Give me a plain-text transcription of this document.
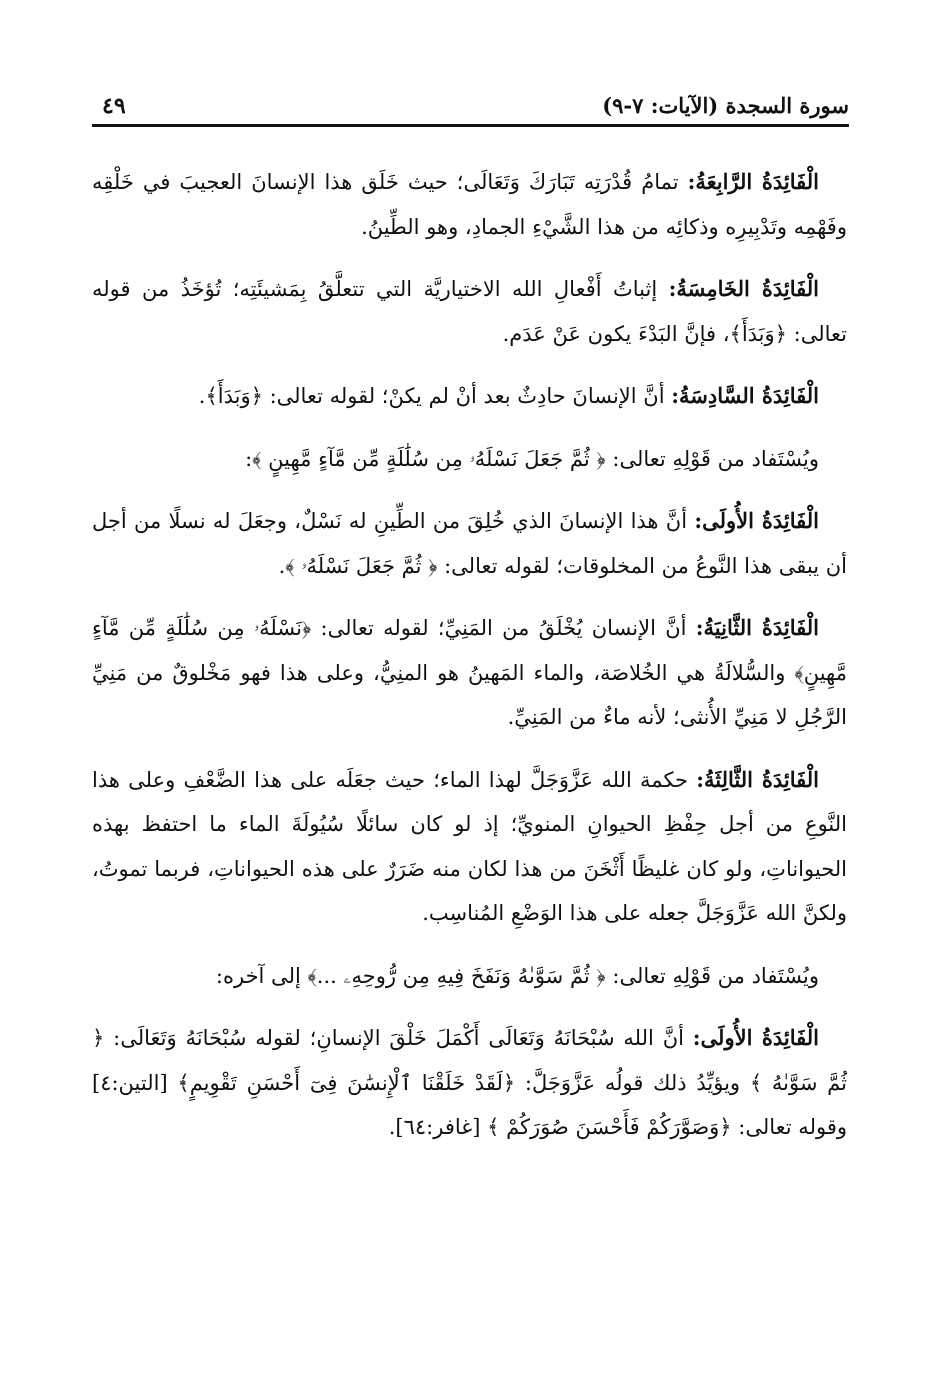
سورة السجدة (الآيات: ٧-٩)
٤٩

الْفَائِدَةُ الرَّابِعَةُ: تمامُ قُدْرَتِه تَبَارَكَ وَتَعَالَى؛ حيث خَلَق هذا الإنسانَ العجيبَ في خَلْقِه وفَهْمِه وتَدْبِيرِه وذكائِه من هذا الشَّيْءِ الجمادِ، وهو الطِّينُ.

الْفَائِدَةُ الخَامِسَةُ: إثباتُ أَفْعالِ الله الاختياريَّة التي تتعلَّقُ بِمَشيئَتِه؛ تُؤخَذُ من قوله تعالى: ﴿وَبَدَأَ﴾، فإنَّ البَدْءَ يكون عَنْ عَدَم.

الْفَائِدَةُ السَّادِسَةُ: أنَّ الإنسانَ حادِثٌ بعد أنْ لم يكنْ؛ لقوله تعالى: ﴿وَبَدَأَ﴾.

ويُسْتَفاد من قَوْلِهِ تعالى: ﴿ ثُمَّ جَعَلَ نَسْلَهُۥ مِن سُلَٰلَةٍ مِّن مَّآءٍ مَّهِينٍ ﴾:

الْفَائِدَةُ الأُولَى: أنَّ هذا الإنسانَ الذي خُلِقَ من الطِّينِ له نَسْلٌ، وجعَلَ له نسلًا من أجل أن يبقى هذا النَّوعُ من المخلوقات؛ لقوله تعالى: ﴿ ثُمَّ جَعَلَ نَسْلَهُۥ ﴾.

الْفَائِدَةُ الثَّانِيَةُ: أنَّ الإنسان يُخْلَقُ من المَنِيِّ؛ لقوله تعالى: ﴿نَسْلَهُۥ مِن سُلَٰلَةٍ مِّن مَّآءٍ مَّهِينٍ﴾ والسُّلالَةُ هي الخُلاصَة، والماء المَهينُ هو المنِيُّ، وعلى هذا فهو مَخْلوقٌ من مَنِيِّ الرَّجُلِ لا مَنِيِّ الأُنثى؛ لأنه ماءٌ من المَنِيِّ.

الْفَائِدَةُ الثَّالِثَةُ: حكمة الله عَزَّوَجَلَّ لهذا الماء؛ حيث جعَلَه على هذا الضَّعْفِ وعلى هذا النَّوعِ من أجل حِفْظِ الحيوانِ المنويِّ؛ إذ لو كان سائلًا سُيُولَةَ الماء ما احتفظ بهذه الحيواناتِ، ولو كان غليظًا أَثْخَنَ من هذا لكان منه ضَرَرٌ على هذه الحيواناتِ، فربما تموتُ، ولكنَّ الله عَزَّوَجَلَّ جعله على هذا الوَضْعِ المُناسِب.

ويُسْتَفاد من قَوْلِهِ تعالى: ﴿ ثُمَّ سَوَّىٰهُ وَنَفَخَ فِيهِ مِن رُّوحِهِۦ ...﴾ إلى آخره:

الْفَائِدَةُ الأُولَى: أنَّ الله سُبْحَانَهُ وَتَعَالَى أَكْمَلَ خَلْقَ الإنسانِ؛ لقوله سُبْحَانَهُ وَتَعَالَى: ﴿ ثُمَّ سَوَّىٰهُ ﴾ ويؤيِّدُ ذلك قولُه عَزَّوَجَلَّ: ﴿لَقَدْ خَلَقْنَا ٱلْإِنسَٰنَ فِىٓ أَحْسَنِ تَقْوِيمٍ﴾ [التين:٤] وقوله تعالى: ﴿وَصَوَّرَكُمْ فَأَحْسَنَ صُوَرَكُمْ ﴾ [غافر:٦٤].
